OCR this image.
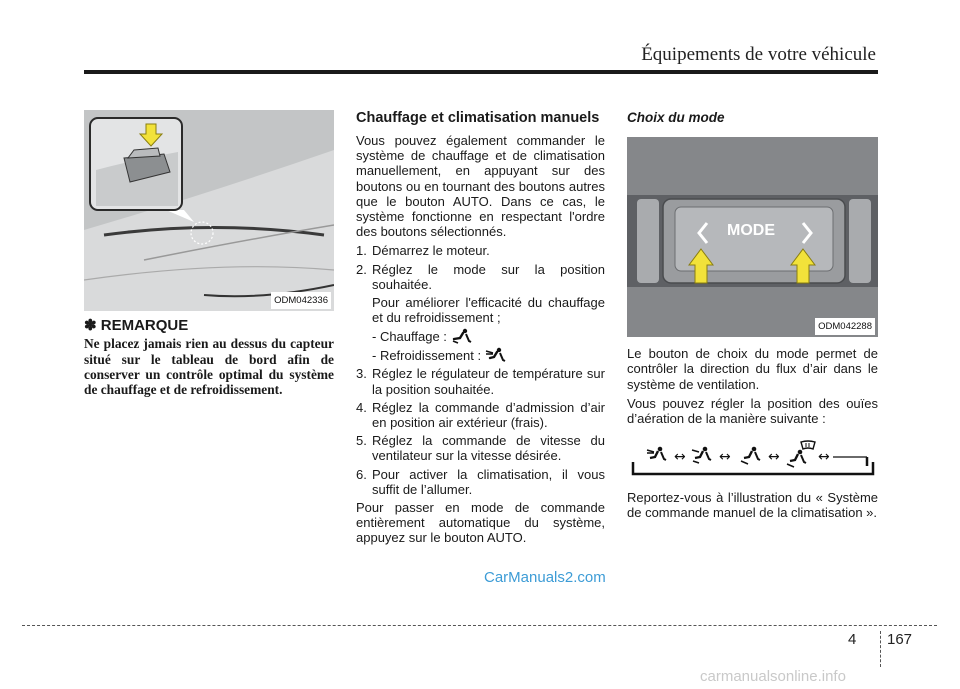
Équipements de votre véhicule
ODM042336
✽ REMARQUE
Ne placez jamais rien au dessus du capteur situé sur le tableau de bord afin de conserver un contrôle optimal du système de chauffage et de refroidissement.
Chauffage et climatisation manuels
Vous pouvez également commander le système de chauffage et de climatisation manuellement, en appuyant sur des boutons ou en tournant des boutons autres que le bouton AUTO. Dans ce cas, le système fonctionne en respectant l'ordre des boutons sélectionnés.
1. Démarrez le moteur.
2. Réglez le mode sur la position souhaitée.
Pour améliorer l'efficacité du chauffage et du refroidissement ;
- Chauffage :
- Refroidissement :
3. Réglez le régulateur de température sur la position souhaitée.
4. Réglez la commande d’admission d’air en position air extérieur (frais).
5. Réglez la commande de vitesse du ventilateur sur la vitesse désirée.
6. Pour activer la climatisation, il vous suffit de l’allumer.
Pour passer en mode de commande entièrement automatique du système, appuyez sur le bouton AUTO.
Choix du mode
MODE
ODM042288
Le bouton de choix du mode permet de contrôler la direction du flux d’air dans le système de ventilation.
Vous pouvez régler la position des ouïes d’aération de la manière suivante :
↔ ↔	↔	↔
Reportez-vous à l’illustration du « Système de commande manuel de la climatisation ».
CarManuals2.com
4 167
carmanualsonline.info
